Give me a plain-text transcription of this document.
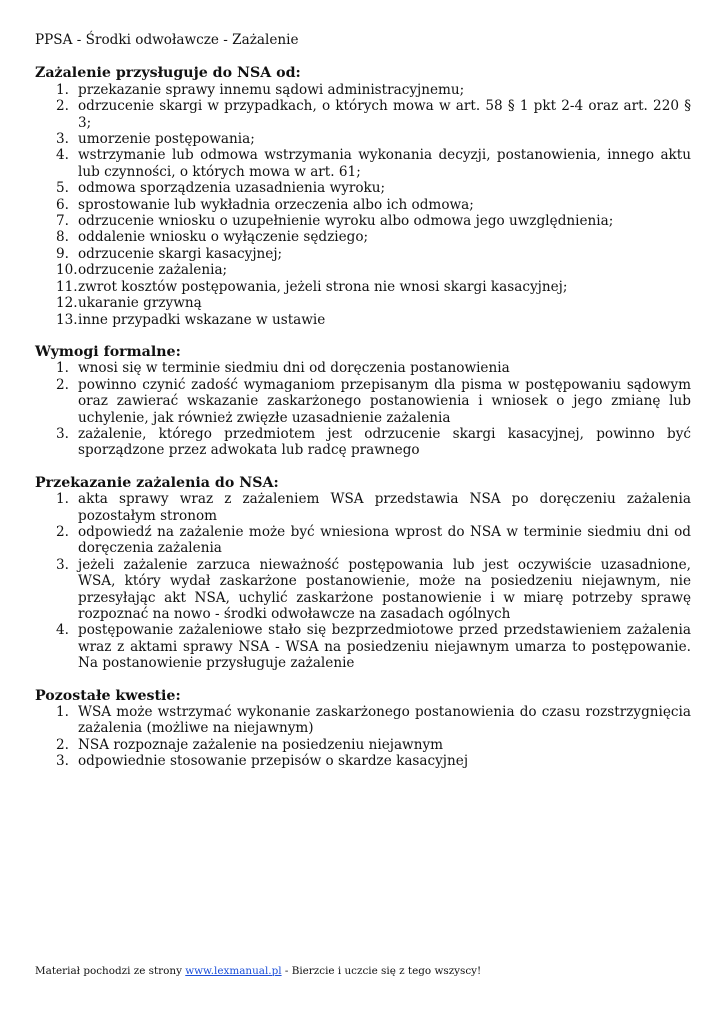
PPSA - Środki odwoławcze - Zażalenie
Zażalenie przysługuje do NSA od:
1. przekazanie sprawy innemu sądowi administracyjnemu;
2. odrzucenie skargi w przypadkach, o których mowa w art. 58 § 1 pkt 2-4 oraz art. 220 § 3;
3. umorzenie postępowania;
4. wstrzymanie lub odmowa wstrzymania wykonania decyzji, postanowienia, innego aktu lub czynności, o których mowa w art. 61;
5. odmowa sporządzenia uzasadnienia wyroku;
6. sprostowanie lub wykładnia orzeczenia albo ich odmowa;
7. odrzucenie wniosku o uzupełnienie wyroku albo odmowa jego uwzględnienia;
8. oddalenie wniosku o wyłączenie sędziego;
9. odrzucenie skargi kasacyjnej;
10. odrzucenie zażalenia;
11. zwrot kosztów postępowania, jeżeli strona nie wnosi skargi kasacyjnej;
12. ukaranie grzywną
13. inne przypadki wskazane w ustawie
Wymogi formalne:
1. wnosi się w terminie siedmiu dni od doręczenia postanowienia
2. powinno czynić zadość wymaganiom przepisanym dla pisma w postępowaniu sądowym oraz zawierać wskazanie zaskarżonego postanowienia i wniosek o jego zmianę lub uchylenie, jak również zwięzłe uzasadnienie zażalenia
3. zażalenie, którego przedmiotem jest odrzucenie skargi kasacyjnej, powinno być sporządzone przez adwokata lub radcę prawnego
Przekazanie zażalenia do NSA:
1. akta sprawy wraz z zażaleniem WSA przedstawia NSA po doręczeniu zażalenia pozostałym stronom
2. odpowiedź na zażalenie może być wniesiona wprost do NSA w terminie siedmiu dni od doręczenia zażalenia
3. jeżeli zażalenie zarzuca nieważność postępowania lub jest oczywiście uzasadnione, WSA, który wydał zaskarżone postanowienie, może na posiedzeniu niejawnym, nie przesyłając akt NSA, uchylić zaskarżone postanowienie i w miarę potrzeby sprawę rozpoznać na nowo - środki odwoławcze na zasadach ogólnych
4. postępowanie zażaleniowe stało się bezprzedmiotowe przed przedstawieniem zażalenia wraz z aktami sprawy NSA - WSA na posiedzeniu niejawnym umarza to postępowanie. Na postanowienie przysługuje zażalenie
Pozostałe kwestie:
1. WSA może wstrzymać wykonanie zaskarżonego postanowienia do czasu rozstrzygnięcia zażalenia (możliwe na niejawnym)
2. NSA rozpoznaje zażalenie na posiedzeniu niejawnym
3. odpowiednie stosowanie przepisów o skardze kasacyjnej
Materiał pochodzi ze strony www.lexmanual.pl - Bierzcie i uczcie się z tego wszyscy!
